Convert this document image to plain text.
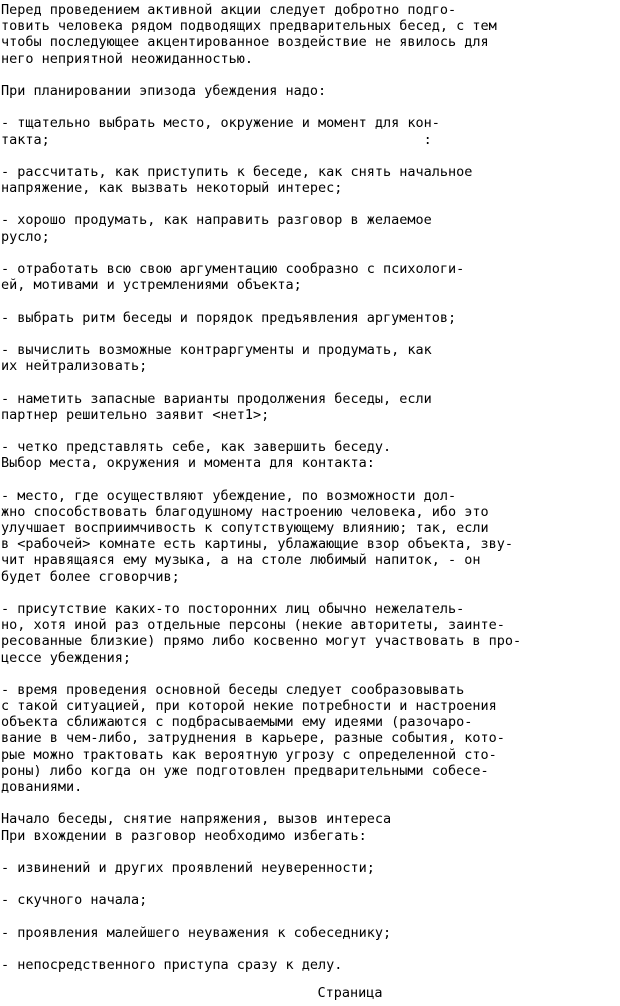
Перед проведением активной акции следует добротно подго-
товить человека рядом подводящих предварительных бесед, с тем
чтобы последующее акцентированное воздействие не явилось для
него неприятной неожиданностью.
При планировании эпизода убеждения надо:
- тщательно выбрать место, окружение и момент для кон-
такта;                                              :
- рассчитать, как приступить к беседе, как снять начальное
напряжение, как вызвать некоторый интерес;
- хорошо продумать, как направить разговор в желаемое
русло;
- отработать всю свою аргументацию сообразно с психологи-
ей, мотивами и устремлениями объекта;
- выбрать ритм беседы и порядок предъявления аргументов;
- вычислить возможные контраргументы и продумать, как
их нейтрализовать;
- наметить запасные варианты продолжения беседы, если
партнер решительно заявит <нет1>;
- четко представлять себе, как завершить беседу.
Выбор места, окружения и момента для контакта:
- место, где осуществляют убеждение, по возможности дол-
жно способствовать благодушному настроению человека, ибо это
улучшает восприимчивость к сопутствующему влиянию; так, если
в <рабочей> комнате есть картины, ублажающие взор объекта, зву-
чит нравящаяся ему музыка, а на столе любимый напиток, - он
будет более сговорчив;
- присутствие каких-то посторонних лиц обычно нежелатель-
но, хотя иной раз отдельные персоны (некие авторитеты, заинте-
ресованные близкие) прямо либо косвенно могут участвовать в про-
цессе убеждения;
- время проведения основной беседы следует сообразовывать
с такой ситуацией, при которой некие потребности и настроения
объекта сближаются с подбрасываемыми ему идеями (разочаро-
вание в чем-либо, затруднения в карьере, разные события, кото-
рые можно трактовать как вероятную угрозу с определенной сто-
роны) либо когда он уже подготовлен предварительными собесе-
дованиями.
Начало беседы, снятие напряжения, вызов интереса
При вхождении в разговор необходимо избегать:
- извинений и других проявлений неуверенности;
- скучного начала;
- проявления малейшего неуважения к собеседнику;
- непосредственного приступа сразу к делу.
Страница
